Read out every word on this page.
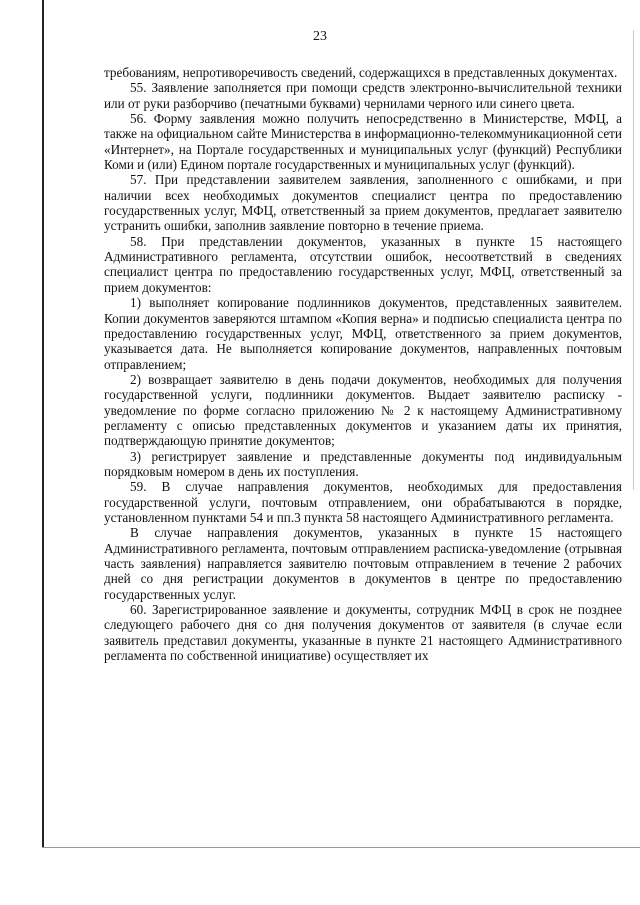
23

требованиям, непротиворечивость сведений, содержащихся в представленных документах.

55. Заявление заполняется при помощи средств электронно-вычислительной техники или от руки разборчиво (печатными буквами) чернилами черного или синего цвета.

56. Форму заявления можно получить непосредственно в Министерстве, МФЦ, а также на официальном сайте Министерства в информационно-телекоммуникационной сети «Интернет», на Портале государственных и муниципальных услуг (функций) Республики Коми и (или) Едином портале государственных и муниципальных услуг (функций).

57. При представлении заявителем заявления, заполненного с ошибками, и при наличии всех необходимых документов специалист центра по предоставлению государственных услуг, МФЦ, ответственный за прием документов, предлагает заявителю устранить ошибки, заполнив заявление повторно в течение приема.

58. При представлении документов, указанных в пункте 15 настоящего Административного регламента, отсутствии ошибок, несоответствий в сведениях специалист центра по предоставлению государственных услуг, МФЦ, ответственный за прием документов:

1) выполняет копирование подлинников документов, представленных заявителем. Копии документов заверяются штампом «Копия верна» и подписью специалиста центра по предоставлению государственных услуг, МФЦ, ответственного за прием документов, указывается дата. Не выполняется копирование документов, направленных почтовым отправлением;

2) возвращает заявителю в день подачи документов, необходимых для получения государственной услуги, подлинники документов. Выдает заявителю расписку - уведомление по форме согласно приложению № 2 к настоящему Административному регламенту с описью представленных документов и указанием даты их принятия, подтверждающую принятие документов;

3) регистрирует заявление и представленные документы под индивидуальным порядковым номером в день их поступления.

59. В случае направления документов, необходимых для предоставления государственной услуги, почтовым отправлением, они обрабатываются в порядке, установленном пунктами 54 и пп.3 пункта 58 настоящего Административного регламента.

В случае направления документов, указанных в пункте 15 настоящего Административного регламента, почтовым отправлением расписка-уведомление (отрывная часть заявления) направляется заявителю почтовым отправлением в течение 2 рабочих дней со дня регистрации документов в документов в центре по предоставлению государственных услуг.

60. Зарегистрированное заявление и документы, сотрудник МФЦ в срок не позднее следующего рабочего дня со дня получения документов от заявителя (в случае если заявитель представил документы, указанные в пункте 21 настоящего Административного регламента по собственной инициативе) осуществляет их
